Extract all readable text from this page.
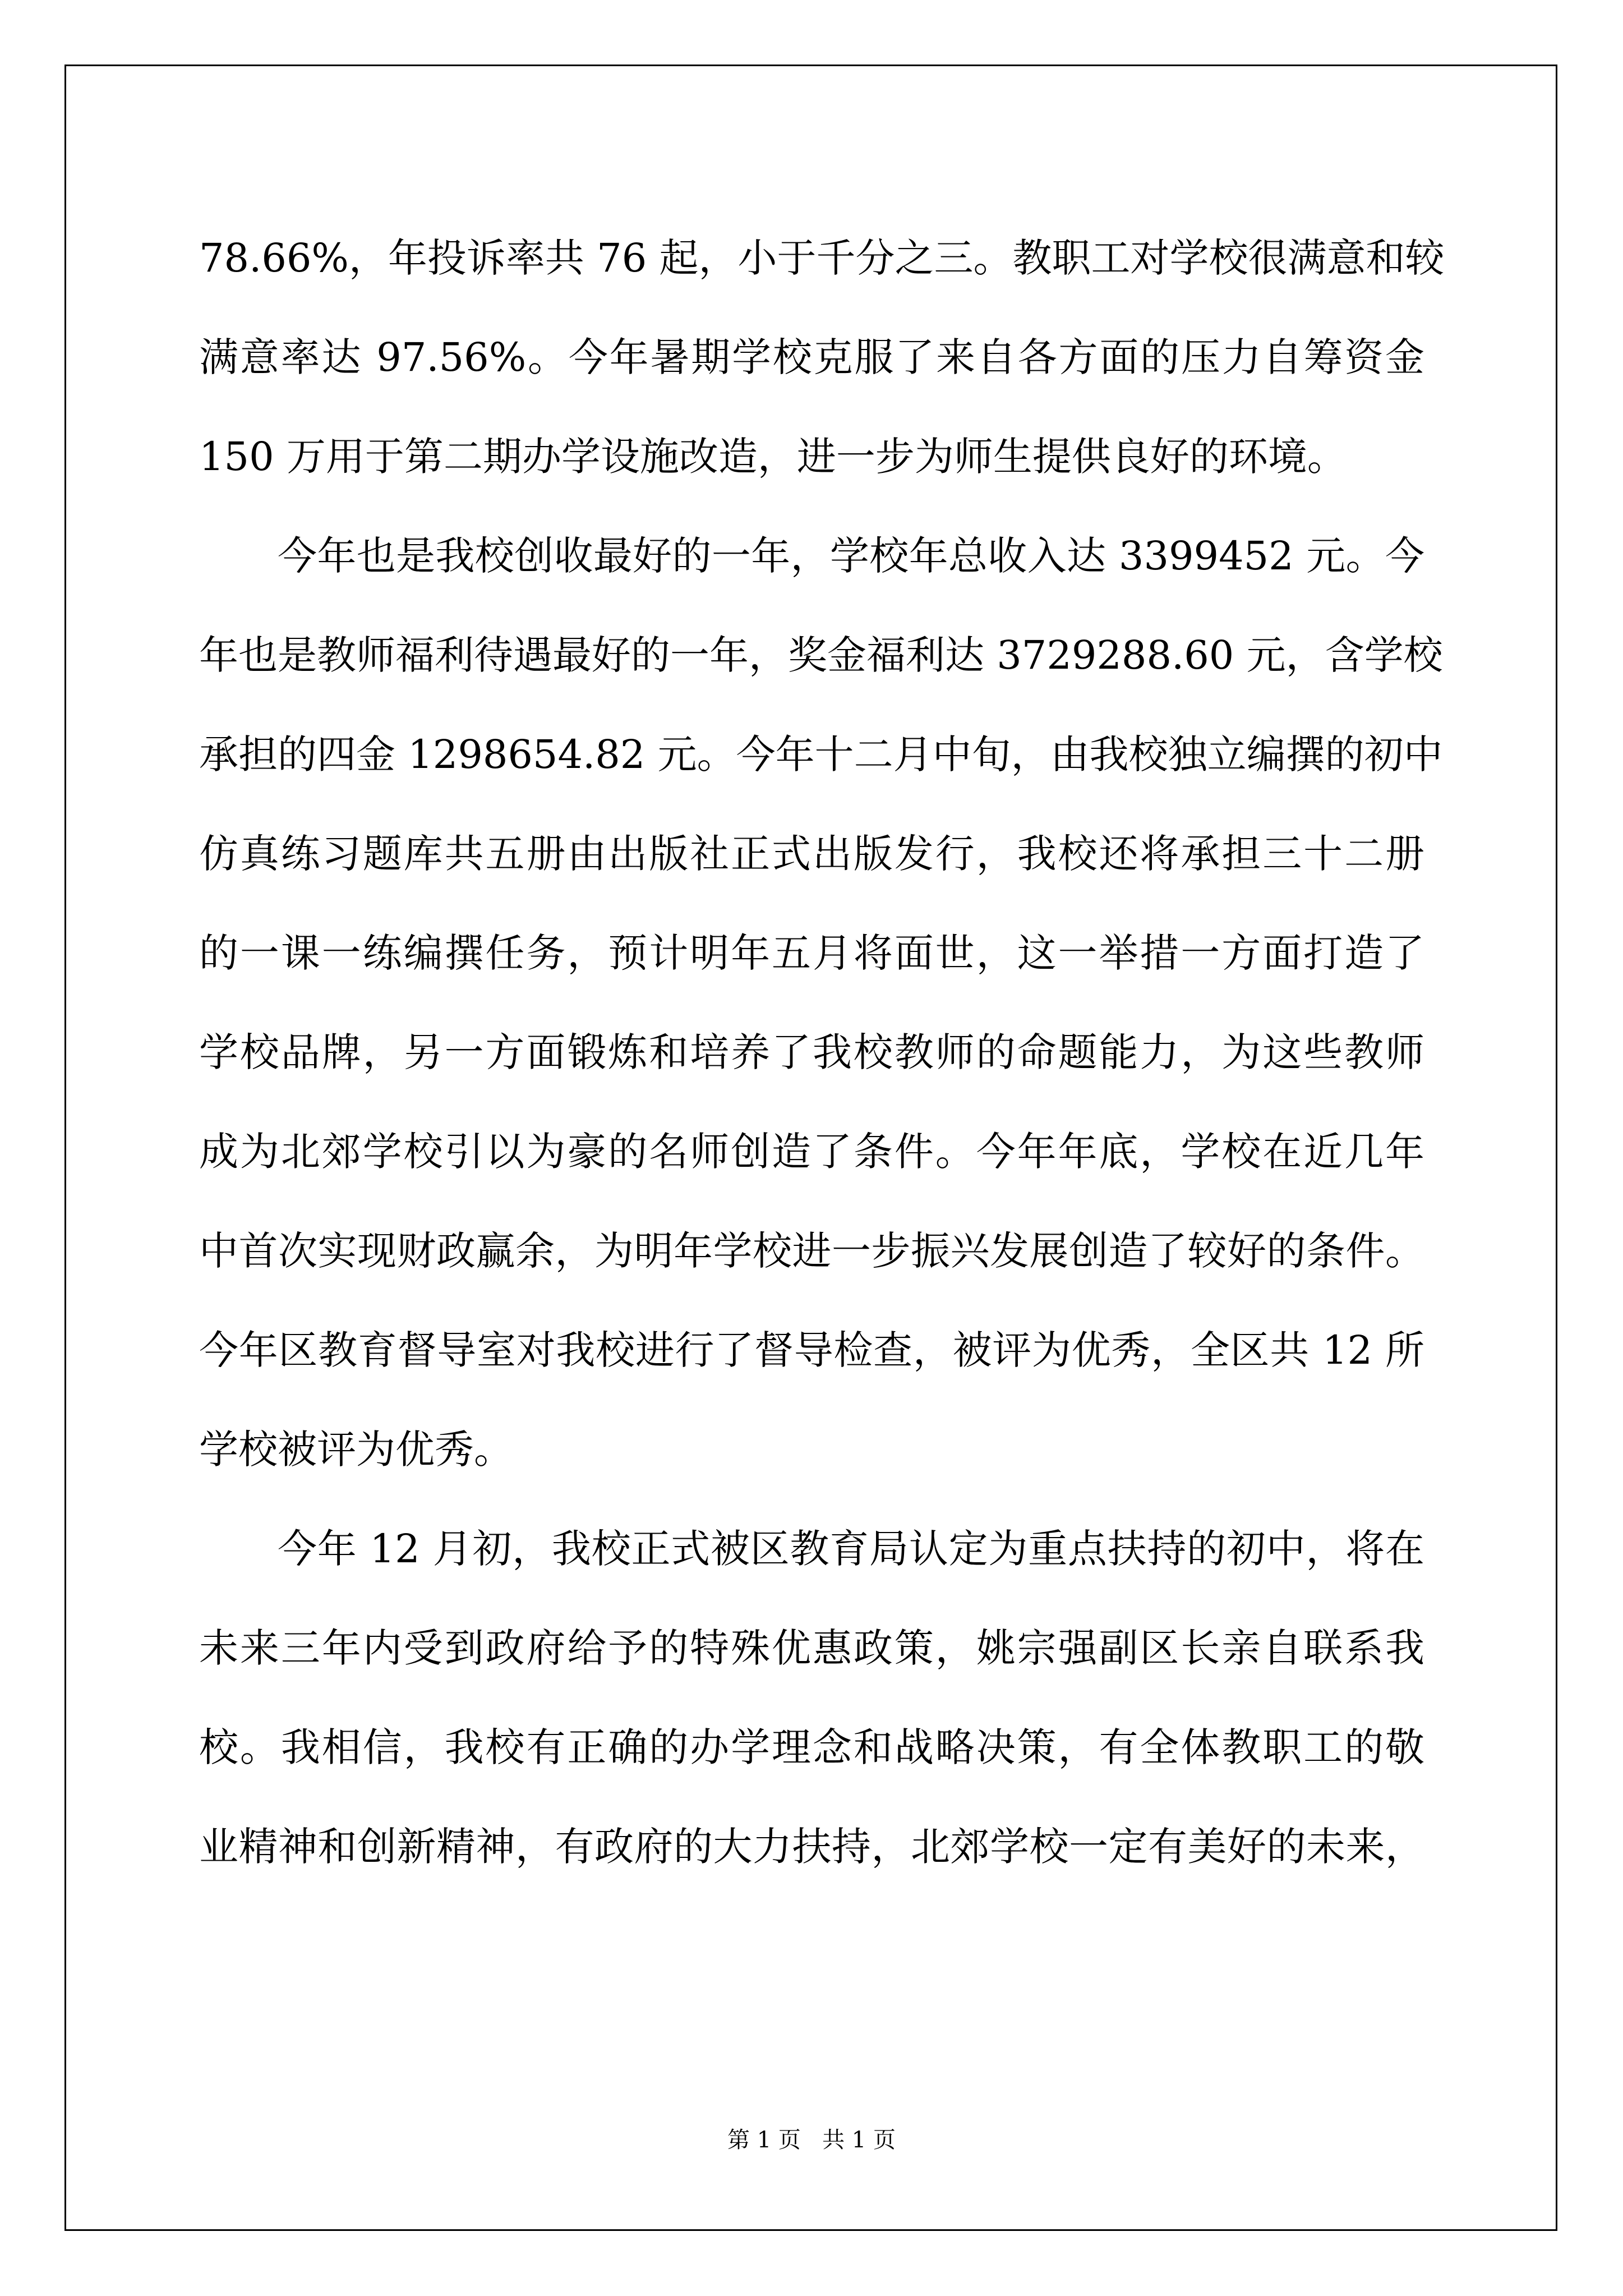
78.66%，年投诉率共 76 起，小于千分之三。教职工对学校很满意和较
满意率达 97.56%。今年暑期学校克服了来自各方面的压力自筹资金
150 万用于第二期办学设施改造，进一步为师生提供良好的环境。
今年也是我校创收最好的一年，学校年总收入达 3399452 元。今
年也是教师福利待遇最好的一年，奖金福利达 3729288.60 元，含学校
承担的四金 1298654.82 元。今年十二月中旬，由我校独立编撰的初中
仿真练习题库共五册由出版社正式出版发行，我校还将承担三十二册
的一课一练编撰任务，预计明年五月将面世，这一举措一方面打造了
学校品牌，另一方面锻炼和培养了我校教师的命题能力，为这些教师
成为北郊学校引以为豪的名师创造了条件。今年年底，学校在近几年
中首次实现财政赢余，为明年学校进一步振兴发展创造了较好的条件。
今年区教育督导室对我校进行了督导检查，被评为优秀，全区共 12 所
学校被评为优秀。
今年 12 月初，我校正式被区教育局认定为重点扶持的初中，将在
未来三年内受到政府给予的特殊优惠政策，姚宗强副区长亲自联系我
校。我相信，我校有正确的办学理念和战略决策，有全体教职工的敬
业精神和创新精神，有政府的大力扶持，北郊学校一定有美好的未来，
第 1 页   共 1 页
